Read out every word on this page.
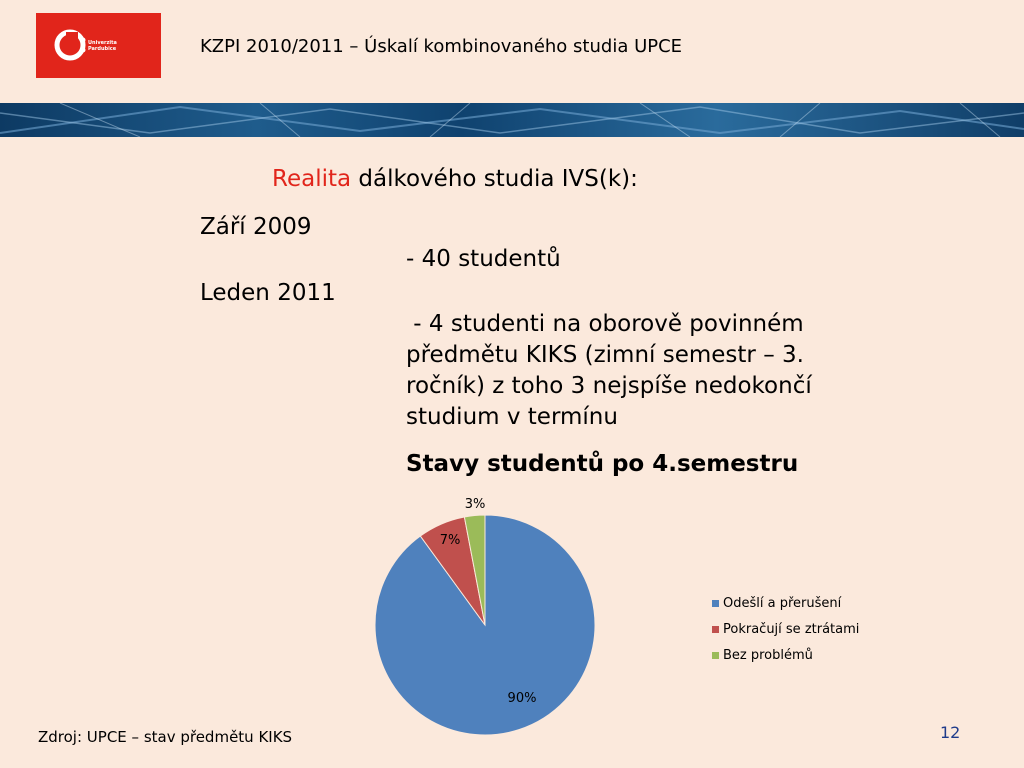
Univerzita
Pardubice	KZPI 2010/2011 – Úskalí kombinovaného studia UPCE
Realita dálkového studia IVS(k):
Září 2009
- 40 studentů
Leden 2011
- 4 studenti na oborově povinném
předmětu KIKS (zimní semestr – 3.
ročník) z toho 3 nejspíše nedokončí
studium v termínu
Stavy studentů po 4.semestru
90%
7%
3%
Odešlí a přerušení
Pokračují se ztrátami
Bez problémů
Zdroj: UPCE – stav předmětu KIKS	12
